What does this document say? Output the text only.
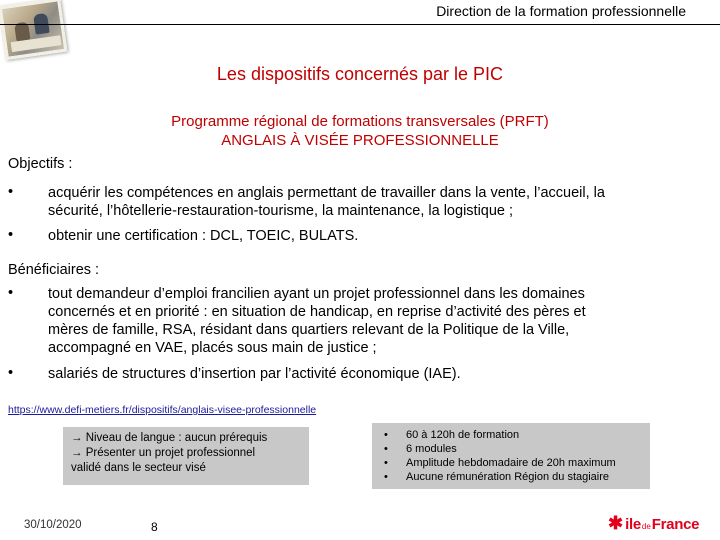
Direction de la formation professionnelle
Les dispositifs concernés par le PIC
Programme régional de formations transversales (PRFT)
ANGLAIS À VISÉE PROFESSIONNELLE
Objectifs :
• acquérir les compétences en anglais permettant de travailler dans la vente, l’accueil, la
sécurité, l’hôtellerie-restauration-tourisme, la maintenance, la logistique ;
• obtenir une certification : DCL, TOEIC, BULATS.
Bénéficiaires :
• tout demandeur d’emploi francilien ayant un projet professionnel dans les domaines
concernés et en priorité : en situation de handicap, en reprise d’activité des pères et
mères de famille, RSA, résidant dans quartiers relevant de la Politique de la Ville,
accompagné en VAE, placés sous main de justice ;
• salariés de structures d’insertion par l’activité économique (IAE).
https://www.defi-metiers.fr/dispositifs/anglais-visee-professionnelle
→ Niveau de langue : aucun prérequis
→ Présenter un projet professionnel
validé dans le secteur visé
• 60 à 120h de formation
• 6 modules
• Amplitude hebdomadaire de 20h maximum
• Aucune rémunération Région du stagiaire
30/10/2020	8	✱ ile de France
